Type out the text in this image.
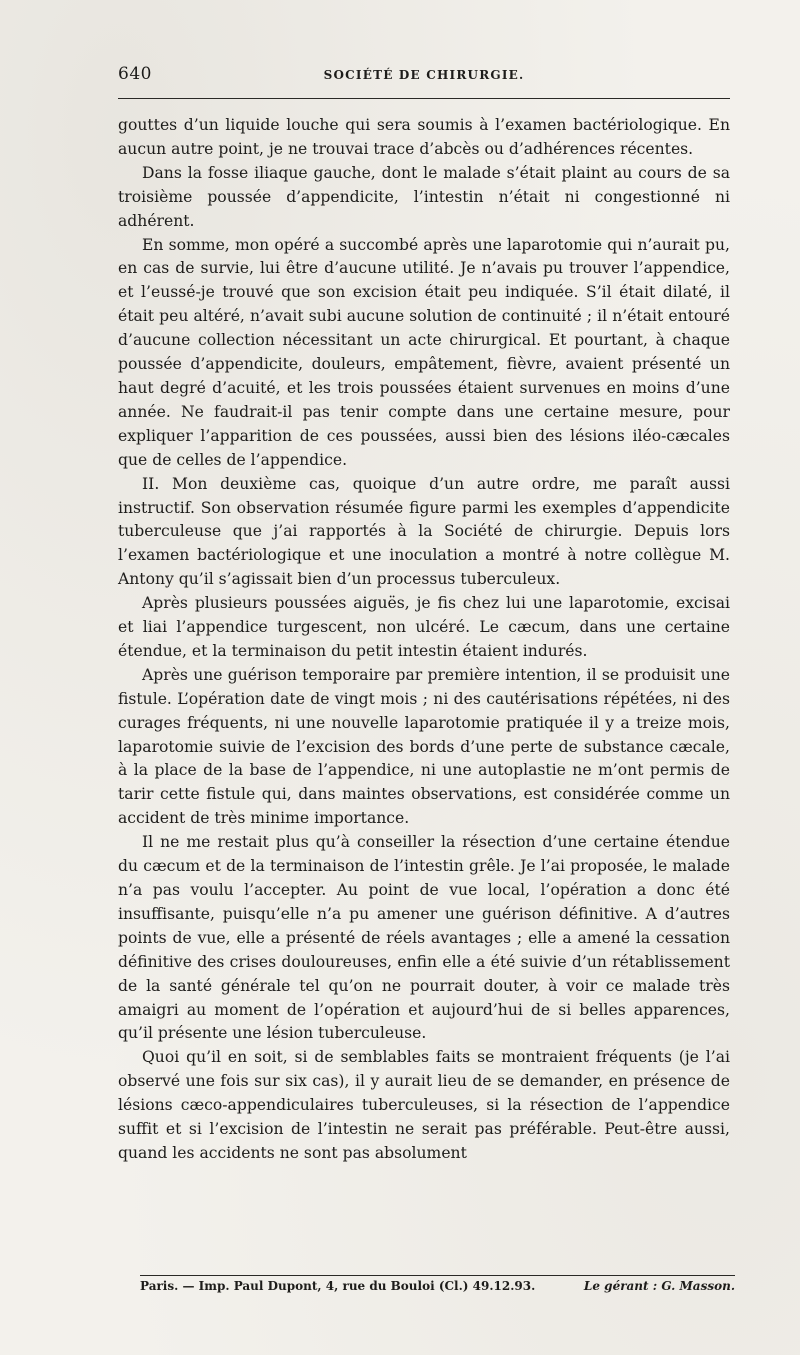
640	SOCIÉTÉ DE CHIRURGIE.

gouttes d’un liquide louche qui sera soumis à l’examen bactériologique. En aucun autre point, je ne trouvai trace d’abcès ou d’adhérences récentes.

Dans la fosse iliaque gauche, dont le malade s’était plaint au cours de sa troisième poussée d’appendicite, l’intestin n’était ni congestionné ni adhérent.

En somme, mon opéré a succombé après une laparotomie qui n’aurait pu, en cas de survie, lui être d’aucune utilité. Je n’avais pu trouver l’appendice, et l’eussé-je trouvé que son excision était peu indiquée. S’il était dilaté, il était peu altéré, n’avait subi aucune solution de continuité ; il n’était entouré d’aucune collection nécessitant un acte chirurgical. Et pourtant, à chaque poussée d’appendicite, douleurs, empâtement, fièvre, avaient présenté un haut degré d’acuité, et les trois poussées étaient survenues en moins d’une année. Ne faudrait-il pas tenir compte dans une certaine mesure, pour expliquer l’apparition de ces poussées, aussi bien des lésions iléo-cæcales que de celles de l’appendice.

II. Mon deuxième cas, quoique d’un autre ordre, me paraît aussi instructif. Son observation résumée figure parmi les exemples d’appendicite tuberculeuse que j’ai rapportés à la Société de chirurgie. Depuis lors l’examen bactériologique et une inoculation a montré à notre collègue M. Antony qu’il s’agissait bien d’un processus tuberculeux.

Après plusieurs poussées aiguës, je fis chez lui une laparotomie, excisai et liai l’appendice turgescent, non ulcéré. Le cæcum, dans une certaine étendue, et la terminaison du petit intestin étaient indurés.

Après une guérison temporaire par première intention, il se produisit une fistule. L’opération date de vingt mois ; ni des cautérisations répétées, ni des curages fréquents, ni une nouvelle laparotomie pratiquée il y a treize mois, laparotomie suivie de l’excision des bords d’une perte de substance cæcale, à la place de la base de l’appendice, ni une autoplastie ne m’ont permis de tarir cette fistule qui, dans maintes observations, est considérée comme un accident de très minime importance.

Il ne me restait plus qu’à conseiller la résection d’une certaine étendue du cæcum et de la terminaison de l’intestin grêle. Je l’ai proposée, le malade n’a pas voulu l’accepter. Au point de vue local, l’opération a donc été insuffisante, puisqu’elle n’a pu amener une guérison définitive. A d’autres points de vue, elle a présenté de réels avantages ; elle a amené la cessation définitive des crises douloureuses, enfin elle a été suivie d’un rétablissement de la santé générale tel qu’on ne pourrait douter, à voir ce malade très amaigri au moment de l’opération et aujourd’hui de si belles apparences, qu’il présente une lésion tuberculeuse.

Quoi qu’il en soit, si de semblables faits se montraient fréquents (je l’ai observé une fois sur six cas), il y aurait lieu de se demander, en présence de lésions cæco-appendiculaires tuberculeuses, si la résection de l’appendice suffit et si l’excision de l’intestin ne serait pas préférable. Peut-être aussi, quand les accidents ne sont pas absolument

Paris. — Imp. Paul Dupont, 4, rue du Bouloi (Cl.) 49.12.93.	Le gérant : G. Masson.
